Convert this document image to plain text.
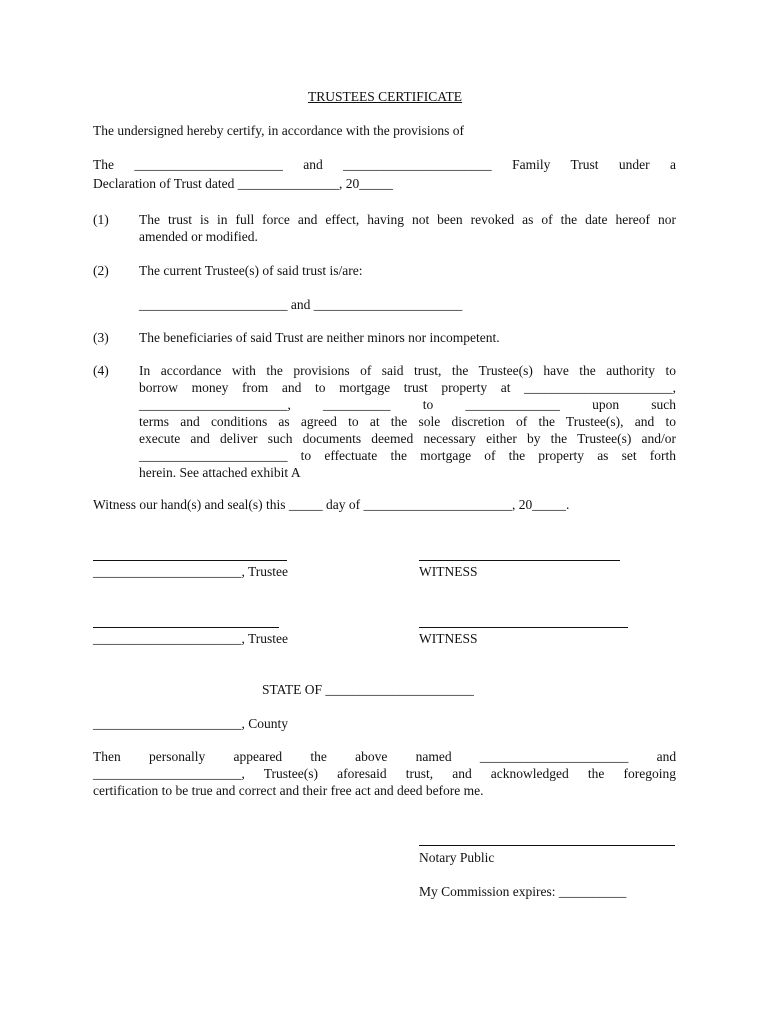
TRUSTEES CERTIFICATE
The undersigned hereby certify, in accordance with the provisions of
The ______________________ and ______________________ Family Trust under a
Declaration of Trust dated _______________, 20_____
(1) The trust is in full force and effect, having not been revoked as of the date hereof nor
amended or modified.
(2) The current Trustee(s) of said trust is/are:
______________________ and ______________________
(3) The beneficiaries of said Trust are neither minors nor incompetent.
(4) In accordance with the provisions of said trust, the Trustee(s) have the authority to
borrow money from and to mortgage trust property at ______________________,
______________________, __________ to ______________ upon such
terms and conditions as agreed to at the sole discretion of the Trustee(s), and to
execute and deliver such documents deemed necessary either by the Trustee(s) and/or
______________________ to effectuate the mortgage of the property as set forth
herein. See attached exhibit A
Witness our hand(s) and seal(s) this _____ day of ______________________, 20_____.
______________________, Trustee	WITNESS
______________________, Trustee	WITNESS
STATE OF ______________________
______________________, County
Then personally appeared the above named ______________________ and
______________________, Trustee(s) aforesaid trust, and acknowledged the foregoing
certification to be true and correct and their free act and deed before me.
Notary Public
My Commission expires: __________
